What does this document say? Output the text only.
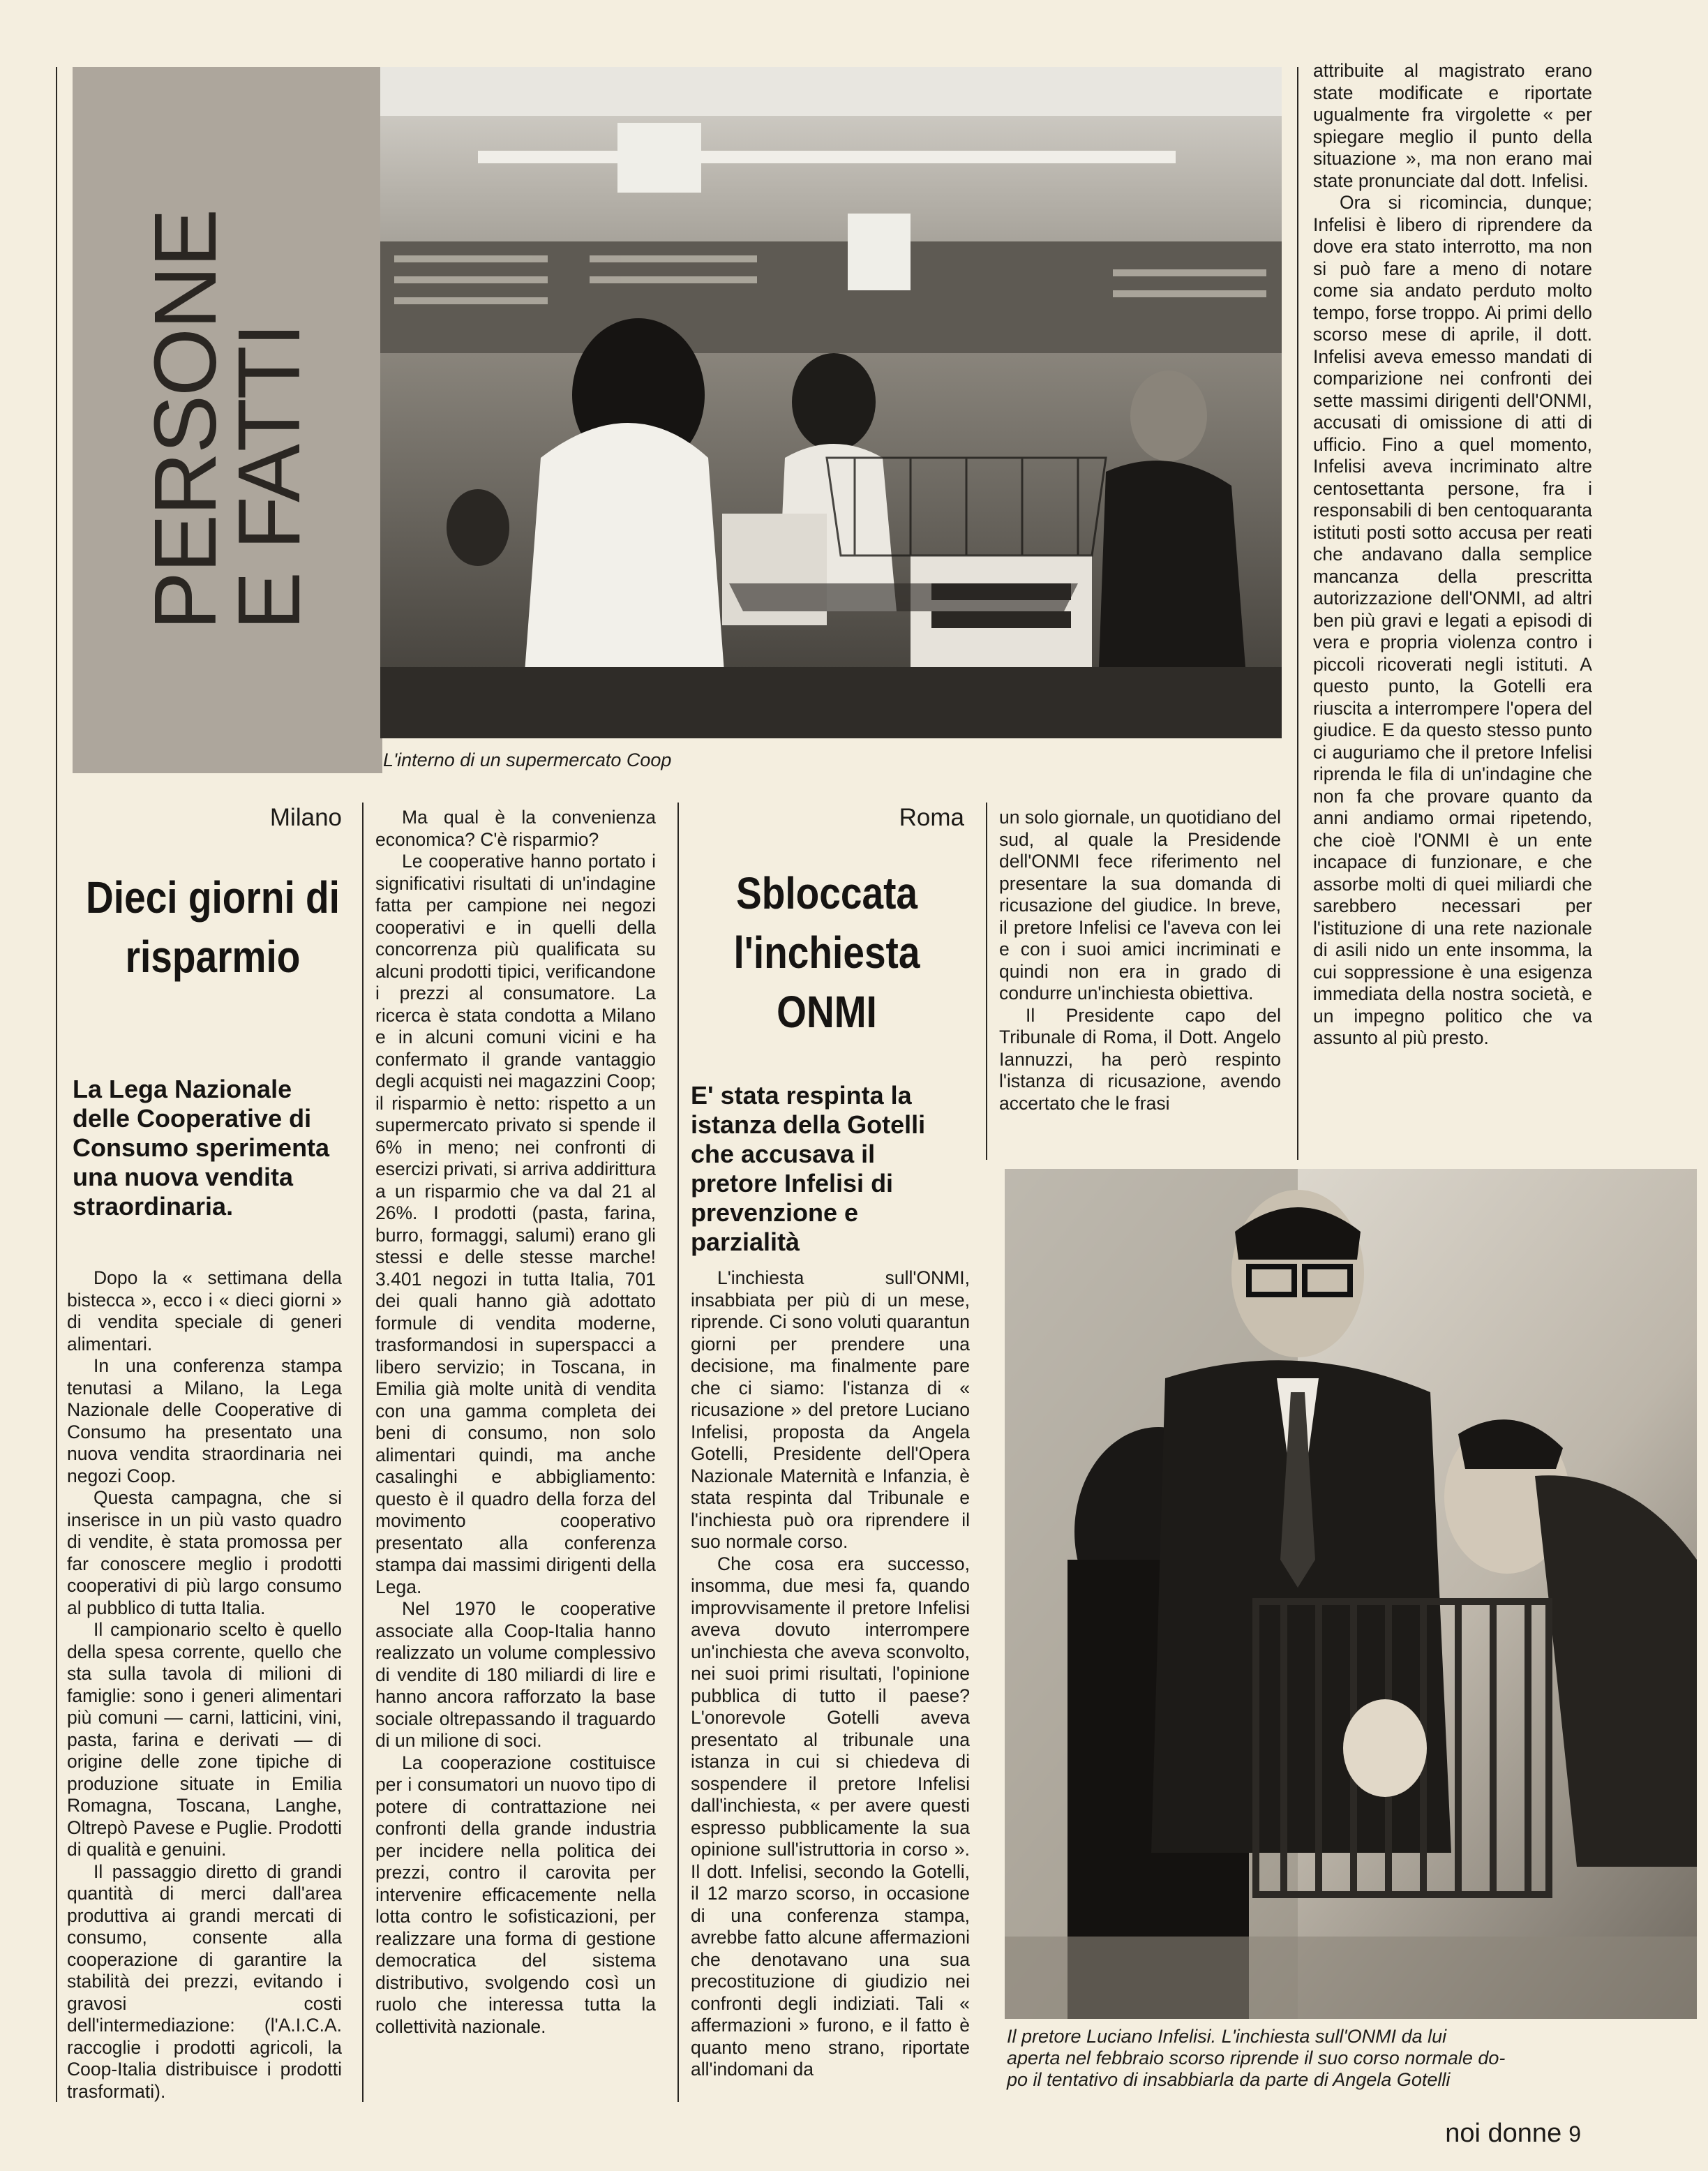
PERSONE
E FATTI
L'interno di un supermercato Coop
Il pretore Luciano Infelisi. L'inchiesta sull'ONMI da lui
aperta nel febbraio scorso riprende il suo corso normale do-
po il tentativo di insabbiarla da parte di Angela Gotelli
Milano
Dieci giorni di risparmio
La Lega Nazionale delle Cooperative di Consumo sperimenta una nuova vendita straordinaria.

Dopo la « settimana della bistecca », ecco i « dieci giorni » di vendita speciale di generi alimentari.

In una conferenza stampa tenutasi a Milano, la Lega Nazionale delle Cooperative di Consumo ha presentato una nuova vendita straordinaria nei negozi Coop.

Questa campagna, che si inserisce in un più vasto quadro di vendite, è stata promossa per far conoscere meglio i prodotti cooperativi di più largo consumo al pubblico di tutta Italia.

Il campionario scelto è quello della spesa corrente, quello che sta sulla tavola di milioni di famiglie: sono i generi alimentari più comuni — carni, latticini, vini, pasta, farina e derivati — di origine delle zone tipiche di produzione situate in Emilia Romagna, Toscana, Langhe, Oltrepò Pavese e Puglie. Prodotti di qualità e genuini.

Il passaggio diretto di grandi quantità di merci dall'area produttiva ai grandi mercati di consumo, consente alla cooperazione di garantire la stabilità dei prezzi, evitando i gravosi costi dell'intermediazione: (l'A.I.C.A. raccoglie i prodotti agricoli, la Coop-Italia distribuisce i prodotti trasformati).

Ma qual è la convenienza economica? C'è risparmio?

Le cooperative hanno portato i significativi risultati di un'indagine fatta per campione nei negozi cooperativi e in quelli della concorrenza più qualificata su alcuni prodotti tipici, verificandone i prezzi al consumatore. La ricerca è stata condotta a Milano e in alcuni comuni vicini e ha confermato il grande vantaggio degli acquisti nei magazzini Coop; il risparmio è netto: rispetto a un supermercato privato si spende il 6% in meno; nei confronti di esercizi privati, si arriva addirittura a un risparmio che va dal 21 al 26%. I prodotti (pasta, farina, burro, formaggi, salumi) erano gli stessi e delle stesse marche! 3.401 negozi in tutta Italia, 701 dei quali hanno già adottato formule di vendita moderne, trasformandosi in superspacci a libero servizio; in Toscana, in Emilia già molte unità di vendita con una gamma completa dei beni di consumo, non solo alimentari quindi, ma anche casalinghi e abbigliamento: questo è il quadro della forza del movimento cooperativo presentato alla conferenza stampa dai massimi dirigenti della Lega.

Nel 1970 le cooperative associate alla Coop-Italia hanno realizzato un volume complessivo di vendite di 180 miliardi di lire e hanno ancora rafforzato la base sociale oltrepassando il traguardo di un milione di soci.

La cooperazione costituisce per i consumatori un nuovo tipo di potere di contrattazione nei confronti della grande industria per incidere nella politica dei prezzi, contro il carovita per intervenire efficacemente nella lotta contro le sofisticazioni, per realizzare una forma di gestione democratica del sistema distributivo, svolgendo così un ruolo che interessa tutta la collettività nazionale.

Roma
Sbloccata l'inchiesta ONMI
E' stata respinta la istanza della Gotelli che accusava il pretore Infelisi di prevenzione e parzialità

L'inchiesta sull'ONMI, insabbiata per più di un mese, riprende. Ci sono voluti quarantun giorni per prendere una decisione, ma finalmente pare che ci siamo: l'istanza di « ricusazione » del pretore Luciano Infelisi, proposta da Angela Gotelli, Presidente dell'Opera Nazionale Maternità e Infanzia, è stata respinta dal Tribunale e l'inchiesta può ora riprendere il suo normale corso.

Che cosa era successo, insomma, due mesi fa, quando improvvisamente il pretore Infelisi aveva dovuto interrompere un'inchiesta che aveva sconvolto, nei suoi primi risultati, l'opinione pubblica di tutto il paese? L'onorevole Gotelli aveva presentato al tribunale una istanza in cui si chiedeva di sospendere il pretore Infelisi dall'inchiesta, « per avere questi espresso pubblicamente la sua opinione sull'istruttoria in corso ». Il dott. Infelisi, secondo la Gotelli, il 12 marzo scorso, in occasione di una conferenza stampa, avrebbe fatto alcune affermazioni che denotavano una sua precostituzione di giudizio nei confronti degli indiziati. Tali « affermazioni » furono, e il fatto è quanto meno strano, riportate all'indomani da

un solo giornale, un quotidiano del sud, al quale la Presidende dell'ONMI fece riferimento nel presentare la sua domanda di ricusazione del giudice. In breve, il pretore Infelisi ce l'aveva con lei e con i suoi amici incriminati e quindi non era in grado di condurre un'inchiesta obiettiva.

Il Presidente capo del Tribunale di Roma, il Dott. Angelo Iannuzzi, ha però respinto l'istanza di ricusazione, avendo accertato che le frasi

attribuite al magistrato erano state modificate e riportate ugualmente fra virgolette « per spiegare meglio il punto della situazione », ma non erano mai state pronunciate dal dott. Infelisi.

Ora si ricomincia, dunque; Infelisi è libero di riprendere da dove era stato interrotto, ma non si può fare a meno di notare come sia andato perduto molto tempo, forse troppo. Ai primi dello scorso mese di aprile, il dott. Infelisi aveva emesso mandati di comparizione nei confronti dei sette massimi dirigenti dell'ONMI, accusati di omissione di atti di ufficio. Fino a quel momento, Infelisi aveva incriminato altre centosettanta persone, fra i responsabili di ben centoquaranta istituti posti sotto accusa per reati che andavano dalla semplice mancanza della prescritta autorizzazione dell'ONMI, ad altri ben più gravi e legati a episodi di vera e propria violenza contro i piccoli ricoverati negli istituti. A questo punto, la Gotelli era riuscita a interrompere l'opera del giudice. E da questo stesso punto ci auguriamo che il pretore Infelisi riprenda le fila di un'indagine che non fa che provare quanto da anni andiamo ormai ripetendo, che cioè l'ONMI è un ente incapace di funzionare, e che assorbe molti di quei miliardi che sarebbero necessari per l'istituzione di una rete nazionale di asili nido un ente insomma, la cui soppressione è una esigenza immediata della nostra società, e un impegno politico che va assunto al più presto.

noi donne 9
